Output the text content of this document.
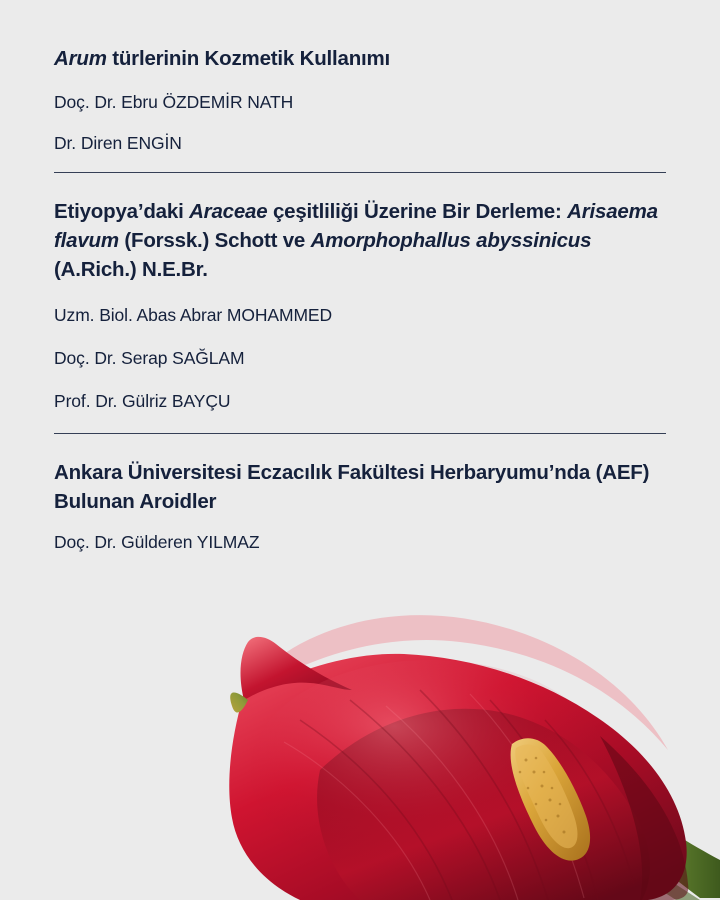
Arum türlerinin Kozmetik Kullanımı

Doç. Dr. Ebru ÖZDEMİR NATH

Dr. Diren ENGİN

Etiyopya’daki Araceae çeşitliliği Üzerine Bir Derleme: Arisaema flavum (Forssk.) Schott ve Amorphophallus abyssinicus (A.Rich.) N.E.Br.

Uzm. Biol. Abas Abrar MOHAMMED

Doç. Dr. Serap SAĞLAM

Prof. Dr. Gülriz BAYÇU

Ankara Üniversitesi Eczacılık Fakültesi Herbaryumu’nda (AEF) Bulunan Aroidler

Doç. Dr. Gülderen YILMAZ
